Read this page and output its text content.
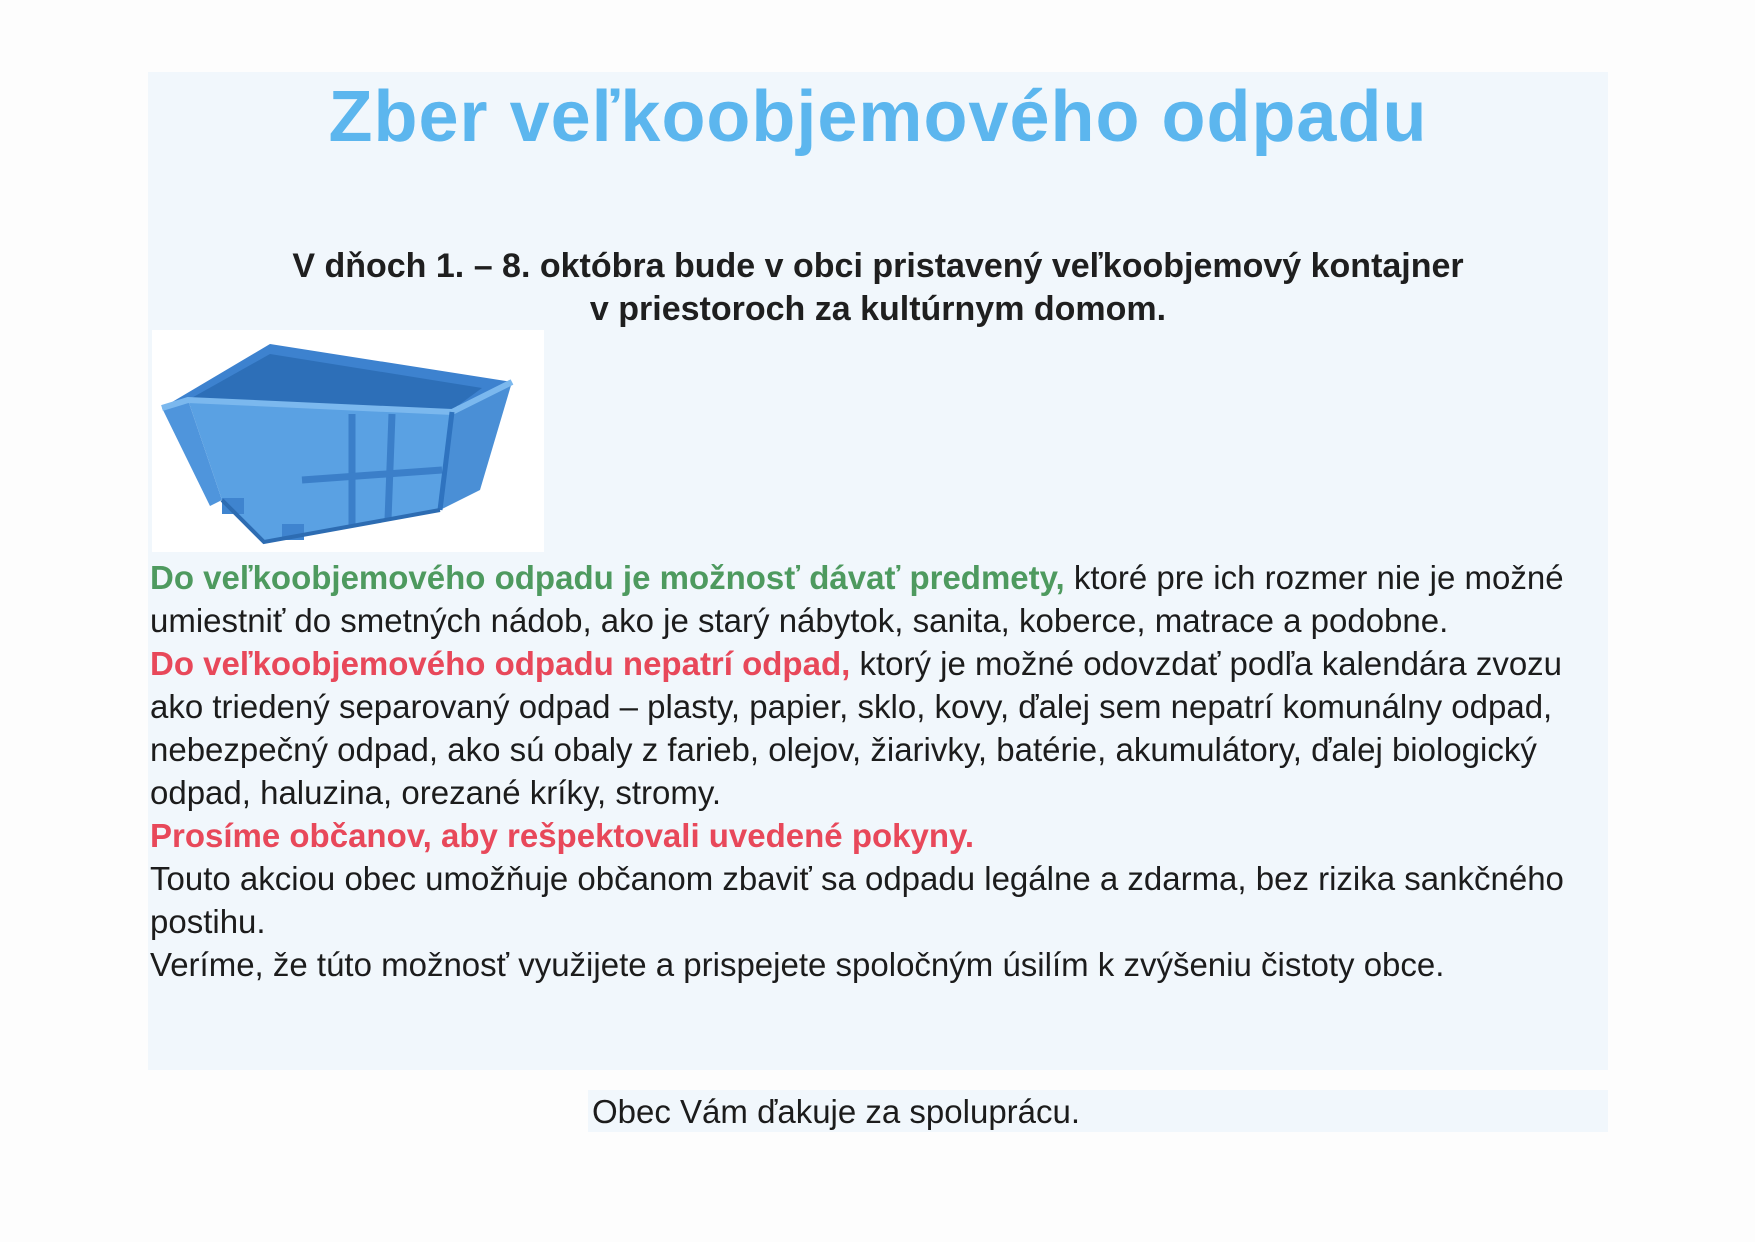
Zber veľkoobjemového odpadu
V dňoch 1. – 8. októbra bude v obci pristavený veľkoobjemový kontajner
v priestoroch za kultúrnym domom.

Do veľkoobjemového odpadu je možnosť dávať predmety, ktoré pre ich rozmer nie je možné umiestniť do smetných nádob, ako je starý nábytok, sanita, koberce, matrace a podobne.

Do veľkoobjemového odpadu nepatrí odpad, ktorý je možné odovzdať podľa kalendára zvozu ako triedený separovaný odpad – plasty, papier, sklo, kovy, ďalej sem nepatrí komunálny odpad, nebezpečný odpad, ako sú obaly z farieb, olejov, žiarivky, batérie, akumulátory, ďalej biologický odpad, haluzina, orezané kríky, stromy.

Prosíme občanov, aby rešpektovali uvedené pokyny.

Touto akciou obec umožňuje občanom zbaviť sa odpadu legálne a zdarma, bez rizika sankčného postihu.

Veríme, že túto možnosť využijete a prispejete spoločným úsilím k zvýšeniu čistoty obce.

Obec Vám ďakuje za spoluprácu.
